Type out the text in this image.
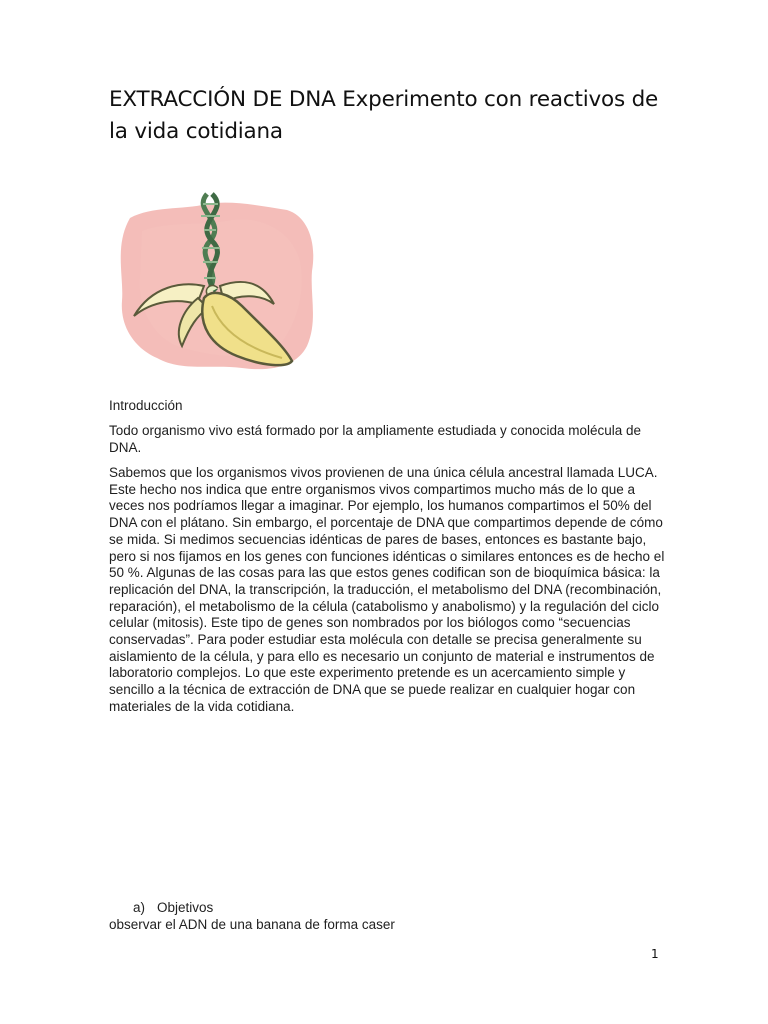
EXTRACCIÓN DE DNA Experimento con reactivos de la vida cotidiana
Introducción

Todo organismo vivo está formado por la ampliamente estudiada y conocida molécula de DNA.

Sabemos que los organismos vivos provienen de una única célula ancestral llamada LUCA. Este hecho nos indica que entre organismos vivos compartimos mucho más de lo que a veces nos podríamos llegar a imaginar. Por ejemplo, los humanos compartimos el 50% del DNA con el plátano. Sin embargo, el porcentaje de DNA que compartimos depende de cómo se mida. Si medimos secuencias idénticas de pares de bases, entonces es bastante bajo, pero si nos fijamos en los genes con funciones idénticas o similares entonces es de hecho el 50 %. Algunas de las cosas para las que estos genes codifican son de bioquímica básica: la replicación del DNA, la transcripción, la traducción, el metabolismo del DNA (recombinación, reparación), el metabolismo de la célula (catabolismo y anabolismo) y la regulación del ciclo celular (mitosis). Este tipo de genes son nombrados por los biólogos como “secuencias conservadas”. Para poder estudiar esta molécula con detalle se precisa generalmente su aislamiento de la célula, y para ello es necesario un conjunto de material e instrumentos de laboratorio complejos. Lo que este experimento pretende es un acercamiento simple y sencillo a la técnica de extracción de DNA que se puede realizar en cualquier hogar con materiales de la vida cotidiana.

a) Objetivos
observar el ADN de una banana de forma caser
1
